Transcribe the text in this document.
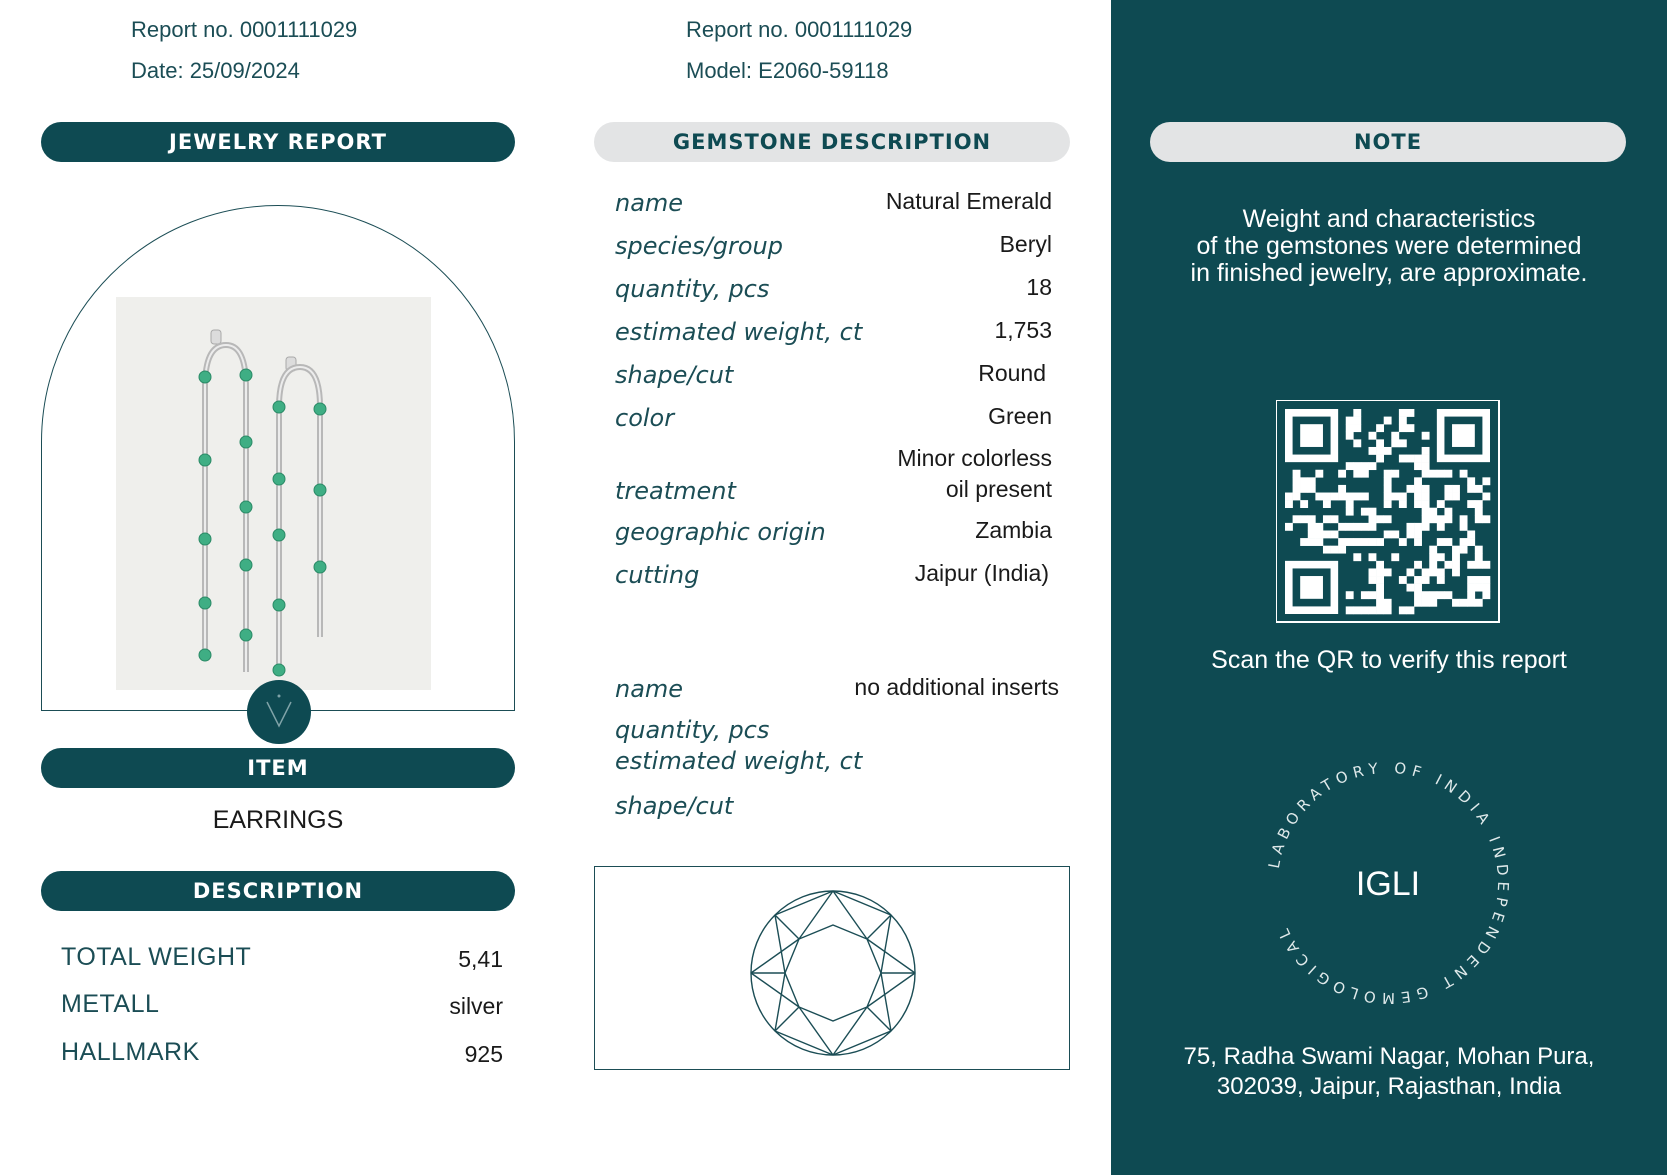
Report no. 0001111029
Date: 25/09/2024
Report no. 0001111029
Model: E2060-59118
JEWELRY REPORT
ITEM
EARRINGS
DESCRIPTION
TOTAL WEIGHT	5,41
METALL	silver
HALLMARK	925
GEMSTONE DESCRIPTION
name	Natural Emerald
species/group	Beryl
quantity, pcs	18
estimated weight, ct	1,753
shape/cut	Round
color	Green
treatment
Minor colorless
oil present
geographic origin	Zambia
cutting	Jaipur (India)
name	no additional inserts
quantity, pcs
estimated weight, ct
shape/cut
NOTE
Weight and characteristics
of the gemstones were determined
in finished jewelry, are approximate.
Scan the QR to verify this report
LABORATORY OF INDIA INDEPENDENT GEMOLOGICAL
IGLI
75, Radha Swami Nagar, Mohan Pura,
302039, Jaipur, Rajasthan, India
